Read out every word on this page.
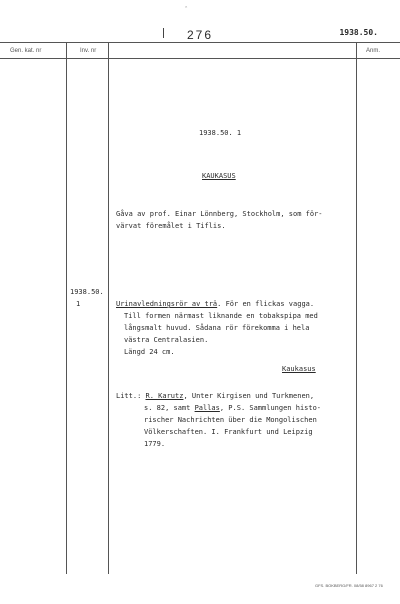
ˆ
276	1938.50.
Gen. kat. nr	Inv. nr	Anm.
1938.50. 1
KAUKASUS
Gåva av prof. Einar Lönnberg, Stockholm, som för-
värvat föremålet i Tiflis.
1938.50.
1	Urinavledningsrör av trä. För en flickas vagga.
Till formen närmast liknande en tobakspipa med
långsmalt huvud. Sådana rör förekomma i hela
västra Centralasien.
Längd 24 cm.
Kaukasus
Litt.: R. Karutz, Unter Kirgisen und Turkmenen,
s. 82, samt Pallas, P.S. Sammlungen histo-
rischer Nachrichten über die Mongolischen
Völkerschaften. I. Frankfurt und Leipzig
1779.
GFS. BOKBERG/FR. 08/58 8967 2 76
